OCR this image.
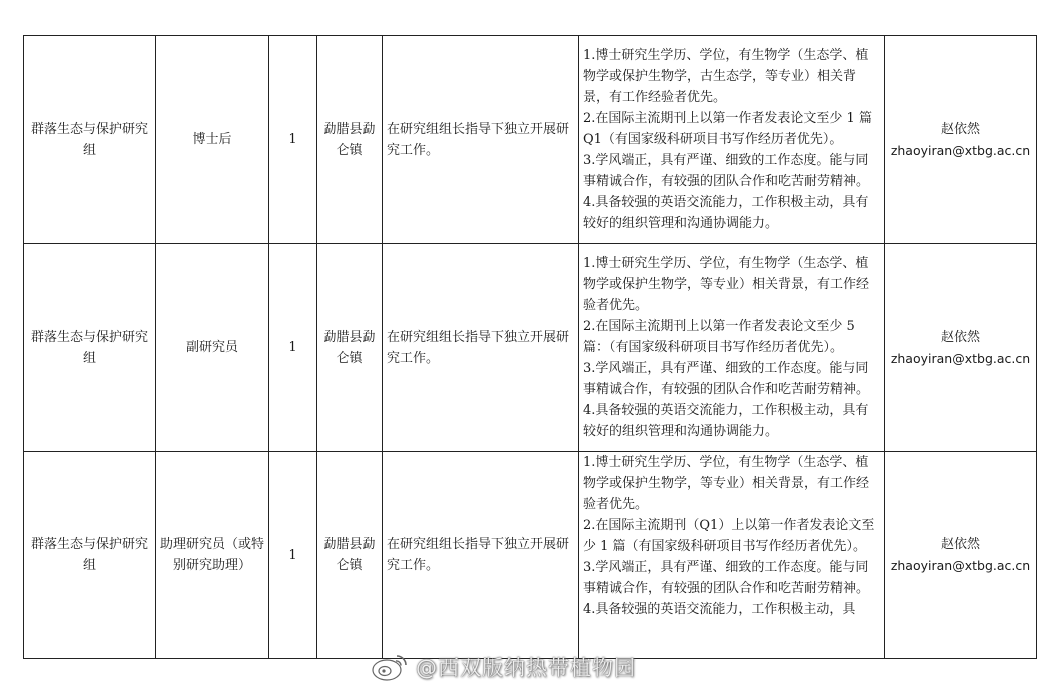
群落生态与保护研究组	博士后	1	勐腊县勐仑镇	在研究组组长指导下独立开展研究工作。	1.博士研究生学历、学位，有生物学（生态学、植物学或保护生物学，古生态学，等专业）相关背景，有工作经验者优先。
2.在国际主流期刊上以第一作者发表论文至少 1 篇 Q1（有国家级科研项目书写作经历者优先）。
3.学风端正，具有严谨、细致的工作态度。能与同事精诚合作，有较强的团队合作和吃苦耐劳精神。
4.具备较强的英语交流能力，工作积极主动，具有较好的组织管理和沟通协调能力。	赵依然
zhaoyiran@xtbg.ac.cn

群落生态与保护研究组	副研究员	1	勐腊县勐仑镇	在研究组组长指导下独立开展研究工作。	1.博士研究生学历、学位，有生物学（生态学、植物学或保护生物学，等专业）相关背景，有工作经验者优先。
2.在国际主流期刊上以第一作者发表论文至少 5 篇：（有国家级科研项目书写作经历者优先）。
3.学风端正，具有严谨、细致的工作态度。能与同事精诚合作，有较强的团队合作和吃苦耐劳精神。
4.具备较强的英语交流能力，工作积极主动，具有较好的组织管理和沟通协调能力。	赵依然
zhaoyiran@xtbg.ac.cn

群落生态与保护研究组	助理研究员（或特别研究助理）	1	勐腊县勐仑镇	在研究组组长指导下独立开展研究工作。	1.博士研究生学历、学位，有生物学（生态学、植物学或保护生物学，等专业）相关背景，有工作经验者优先。
2.在国际主流期刊（Q1）上以第一作者发表论文至少 1 篇（有国家级科研项目书写作经历者优先）。
3.学风端正，具有严谨、细致的工作态度。能与同事精诚合作，有较强的团队合作和吃苦耐劳精神。
4.具备较强的英语交流能力，工作积极主动，具	赵依然
zhaoyiran@xtbg.ac.cn
@西双版纳热带植物园
